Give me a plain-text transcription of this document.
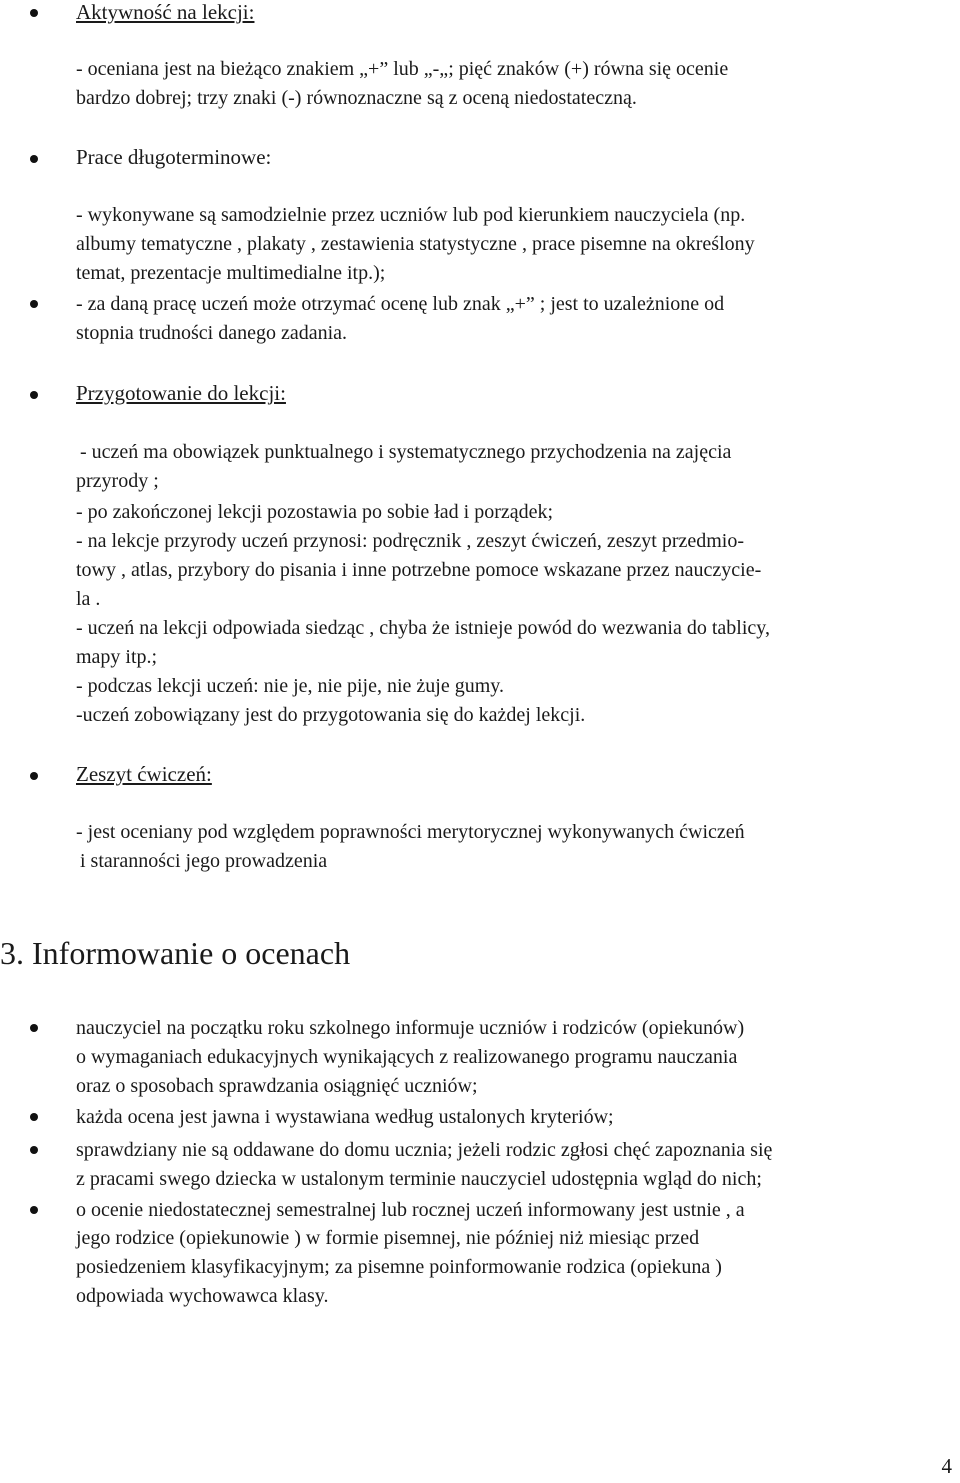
Aktywność na lekcji:
- oceniana jest na bieżąco znakiem „+” lub „-„; pięć znaków (+) równa się ocenie
bardzo dobrej; trzy znaki (-) równoznaczne są z oceną niedostateczną.
Prace długoterminowe:
- wykonywane są samodzielnie przez uczniów lub pod kierunkiem nauczyciela (np.
albumy tematyczne , plakaty , zestawienia statystyczne , prace pisemne na określony
temat, prezentacje multimedialne itp.);
- za daną pracę uczeń może otrzymać ocenę lub znak „+” ; jest to uzależnione od
stopnia trudności danego zadania.
Przygotowanie do lekcji:
- uczeń ma obowiązek punktualnego i systematycznego przychodzenia na zajęcia
przyrody ;
- po zakończonej lekcji pozostawia po sobie ład i porządek;
- na lekcje przyrody uczeń przynosi: podręcznik , zeszyt ćwiczeń, zeszyt przedmio-
towy , atlas, przybory do pisania i inne potrzebne pomoce wskazane przez nauczycie-
la .
- uczeń na lekcji odpowiada siedząc , chyba że istnieje powód do wezwania do tablicy,
mapy itp.;
- podczas lekcji uczeń: nie je, nie pije, nie żuje gumy.
-uczeń zobowiązany jest do przygotowania się do każdej lekcji.
Zeszyt ćwiczeń:
- jest oceniany pod względem poprawności merytorycznej wykonywanych ćwiczeń
i staranności jego prowadzenia
3. Informowanie o ocenach
nauczyciel na początku roku szkolnego informuje uczniów i rodziców (opiekunów)
o wymaganiach edukacyjnych wynikających z realizowanego programu nauczania
oraz o sposobach sprawdzania osiągnięć uczniów;
każda ocena jest jawna i wystawiana według ustalonych kryteriów;
sprawdziany nie są oddawane do domu ucznia; jeżeli rodzic zgłosi chęć zapoznania się
z pracami swego dziecka w ustalonym terminie nauczyciel udostępnia wgląd do nich;
o ocenie niedostatecznej semestralnej lub rocznej uczeń informowany jest ustnie , a
jego rodzice (opiekunowie ) w formie pisemnej, nie później niż miesiąc przed
posiedzeniem klasyfikacyjnym; za pisemne poinformowanie rodzica (opiekuna )
odpowiada wychowawca klasy.
4
